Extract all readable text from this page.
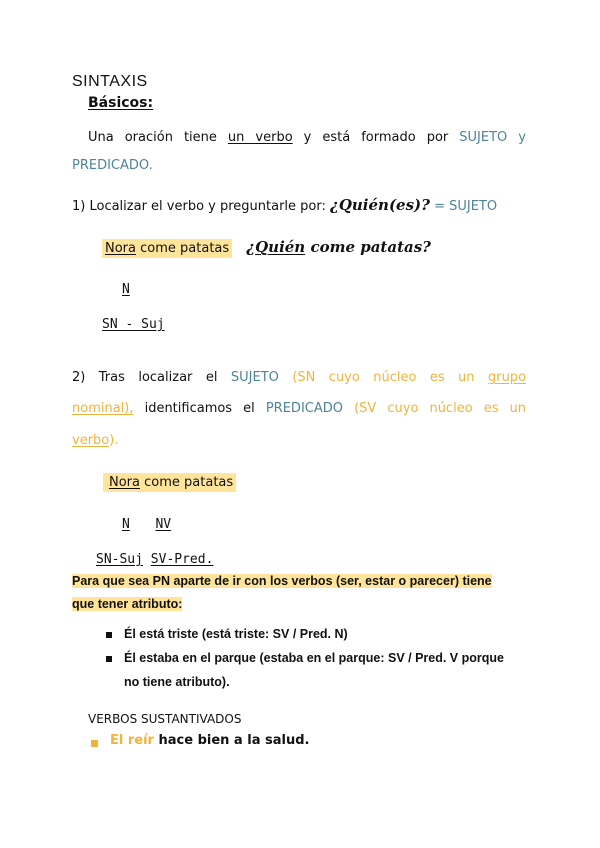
SINTAXIS
Básicos:
Una oración tiene un verbo y está formado por SUJETO y
PREDICADO.
1) Localizar el verbo y preguntarle por: ¿Quién(es)? = SUJETO
Nora come patatas ¿Quién come patatas?
N
SN - Suj
2) Tras localizar el SUJETO (SN cuyo núcleo es un grupo
nominal), identificamos el PREDICADO (SV cuyo núcleo es un
verbo).
Nora come patatas
N NV
SN-Suj SV-Pred.
Para que sea PN aparte de ir con los verbos (ser, estar o parecer) tiene
que tener atributo:
Él está triste (está triste: SV / Pred. N)
Él estaba en el parque (estaba en el parque: SV / Pred. V porque
no tiene atributo).
VERBOS SUSTANTIVADOS
El reír hace bien a la salud.
